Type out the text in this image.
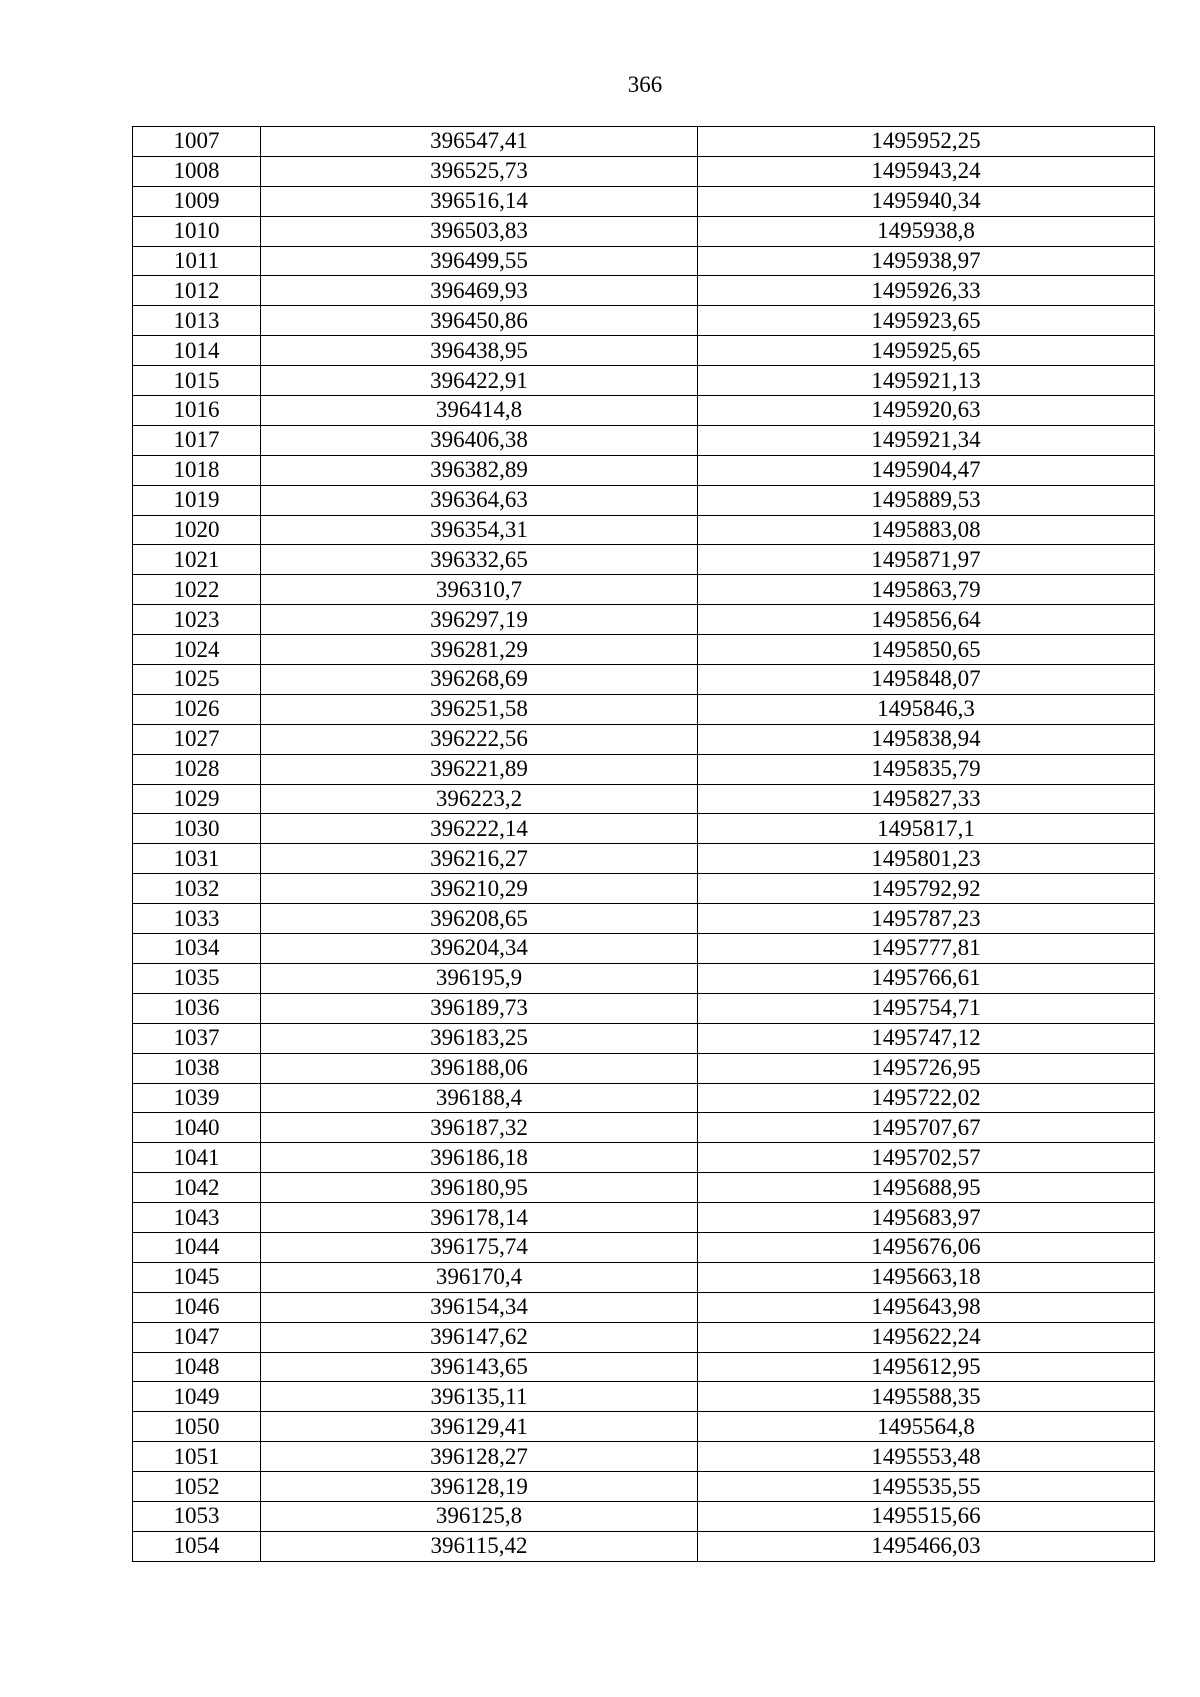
366
1007	396547,41	1495952,25
1008	396525,73	1495943,24
1009	396516,14	1495940,34
1010	396503,83	1495938,8
1011	396499,55	1495938,97
1012	396469,93	1495926,33
1013	396450,86	1495923,65
1014	396438,95	1495925,65
1015	396422,91	1495921,13
1016	396414,8	1495920,63
1017	396406,38	1495921,34
1018	396382,89	1495904,47
1019	396364,63	1495889,53
1020	396354,31	1495883,08
1021	396332,65	1495871,97
1022	396310,7	1495863,79
1023	396297,19	1495856,64
1024	396281,29	1495850,65
1025	396268,69	1495848,07
1026	396251,58	1495846,3
1027	396222,56	1495838,94
1028	396221,89	1495835,79
1029	396223,2	1495827,33
1030	396222,14	1495817,1
1031	396216,27	1495801,23
1032	396210,29	1495792,92
1033	396208,65	1495787,23
1034	396204,34	1495777,81
1035	396195,9	1495766,61
1036	396189,73	1495754,71
1037	396183,25	1495747,12
1038	396188,06	1495726,95
1039	396188,4	1495722,02
1040	396187,32	1495707,67
1041	396186,18	1495702,57
1042	396180,95	1495688,95
1043	396178,14	1495683,97
1044	396175,74	1495676,06
1045	396170,4	1495663,18
1046	396154,34	1495643,98
1047	396147,62	1495622,24
1048	396143,65	1495612,95
1049	396135,11	1495588,35
1050	396129,41	1495564,8
1051	396128,27	1495553,48
1052	396128,19	1495535,55
1053	396125,8	1495515,66
1054	396115,42	1495466,03
